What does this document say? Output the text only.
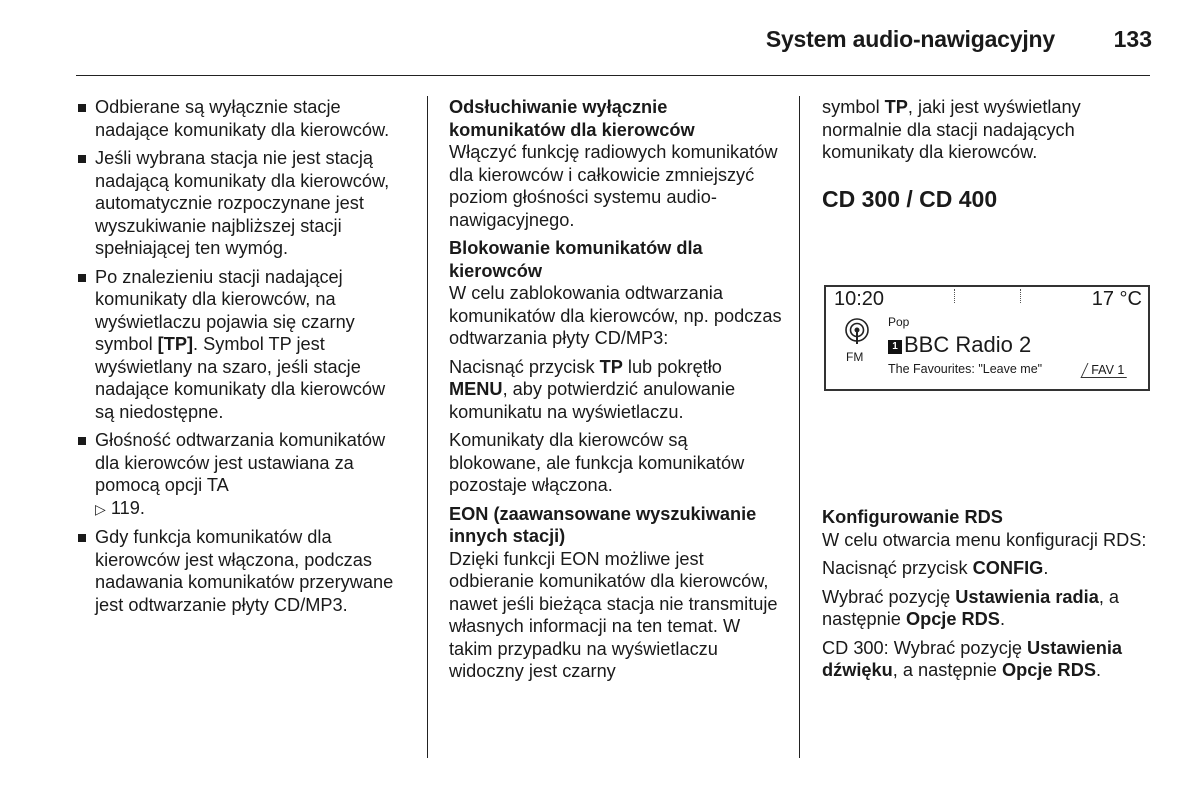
System audio-nawigacyjny	133
Odbierane są wyłącznie stacje nadające komunikaty dla kierowców.
Jeśli wybrana stacja nie jest stacją nadającą komunikaty dla kierowców, automatycznie rozpoczynane jest wyszukiwanie najbliższej stacji spełniającej ten wymóg.
Po znalezieniu stacji nadającej komunikaty dla kierowców, na wyświetlaczu pojawia się czarny symbol [TP]. Symbol TP jest wyświetlany na szaro, jeśli stacje nadające komunikaty dla kierowców są niedostępne.
Głośność odtwarzania komunikatów dla kierowców jest ustawiana za pomocą opcji TA
▷ 119.
Gdy funkcja komunikatów dla kierowców jest włączona, podczas nadawania komunikatów przerywane jest odtwarzanie płyty CD/MP3.
Odsłuchiwanie wyłącznie komunikatów dla kierowców

Włączyć funkcję radiowych komunikatów dla kierowców i całkowicie zmniejszyć poziom głośności systemu audio-nawigacyjnego.

Blokowanie komunikatów dla kierowców

W celu zablokowania odtwarzania komunikatów dla kierowców, np. podczas odtwarzania płyty CD/MP3:

Nacisnąć przycisk TP lub pokrętło MENU, aby potwierdzić anulowanie komunikatu na wyświetlaczu.

Komunikaty dla kierowców są blokowane, ale funkcja komunikatów pozostaje włączona.

EON (zaawansowane wyszukiwanie innych stacji)

Dzięki funkcji EON możliwe jest odbieranie komunikatów dla kierowców, nawet jeśli bieżąca stacja nie transmituje własnych informacji na ten temat. W takim przypadku na wyświetlaczu widoczny jest czarny

symbol TP, jaki jest wyświetlany normalnie dla stacji nadających komunikaty dla kierowców.

CD 300 / CD 400
10:20	17 °C
FM
Pop
1 BBC Radio 2
The Favourites: "Leave me"	FAV 1
Konfigurowanie RDS

W celu otwarcia menu konfiguracji RDS:

Nacisnąć przycisk CONFIG.

Wybrać pozycję Ustawienia radia, a następnie Opcje RDS.

CD 300: Wybrać pozycję Ustawienia dźwięku, a następnie Opcje RDS.
